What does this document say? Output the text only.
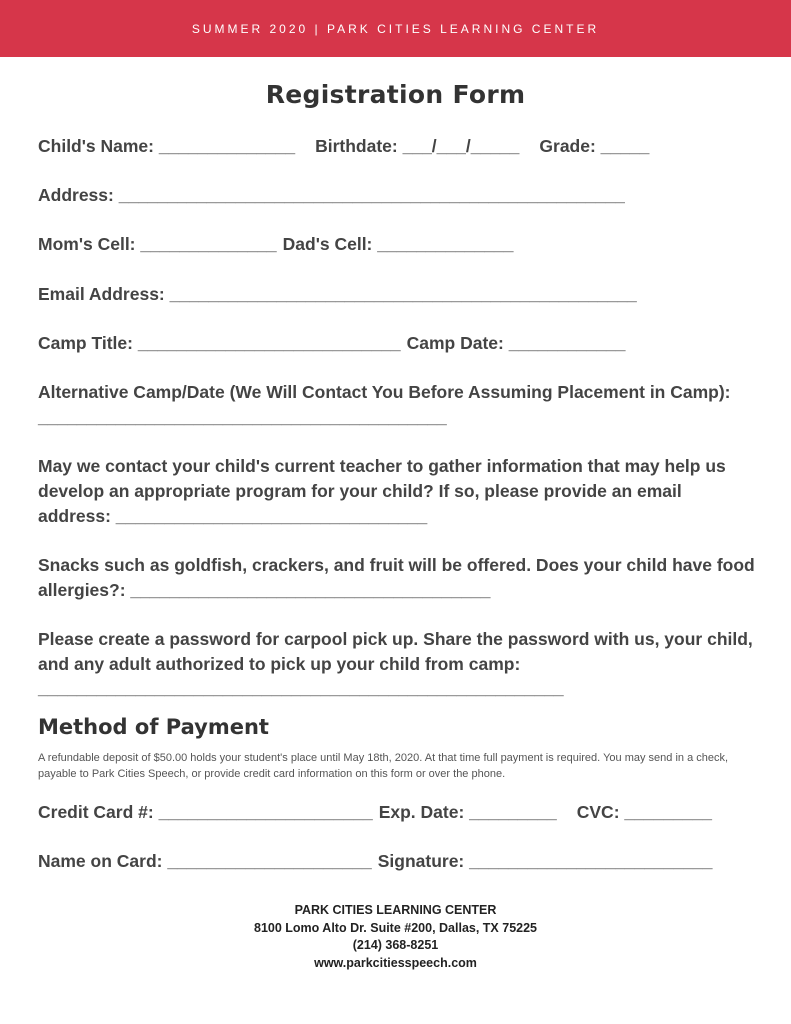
SUMMER 2020 | PARK CITIES LEARNING CENTER
Registration Form
Child's Name: ______________ Birthdate: ___/___/_____ Grade: _____
Address: ____________________________________________________
Mom's Cell: ______________ Dad's Cell: ______________
Email Address: ________________________________________________
Camp Title: ___________________________ Camp Date: ____________
Alternative Camp/Date (We Will Contact You Before Assuming Placement in Camp): __________________________________________
May we contact your child's current teacher to gather information that may help us develop an appropriate program for your child? If so, please provide an email address: ________________________________
Snacks such as goldfish, crackers, and fruit will be offered. Does your child have food allergies?: _____________________________________
Please create a password for carpool pick up. Share the password with us, your child, and any adult authorized to pick up your child from camp:
______________________________________________________
Method of Payment
A refundable deposit of $50.00 holds your student's place until May 18th, 2020. At that time full payment is required. You may send in a check, payable to Park Cities Speech, or provide credit card information on this form or over the phone.
Credit Card #: ______________________ Exp. Date: _________ CVC: _________
Name on Card: _____________________ Signature: _________________________
PARK CITIES LEARNING CENTER
8100 Lomo Alto Dr. Suite #200, Dallas, TX 75225
(214) 368-8251
www.parkcitiesspeech.com
